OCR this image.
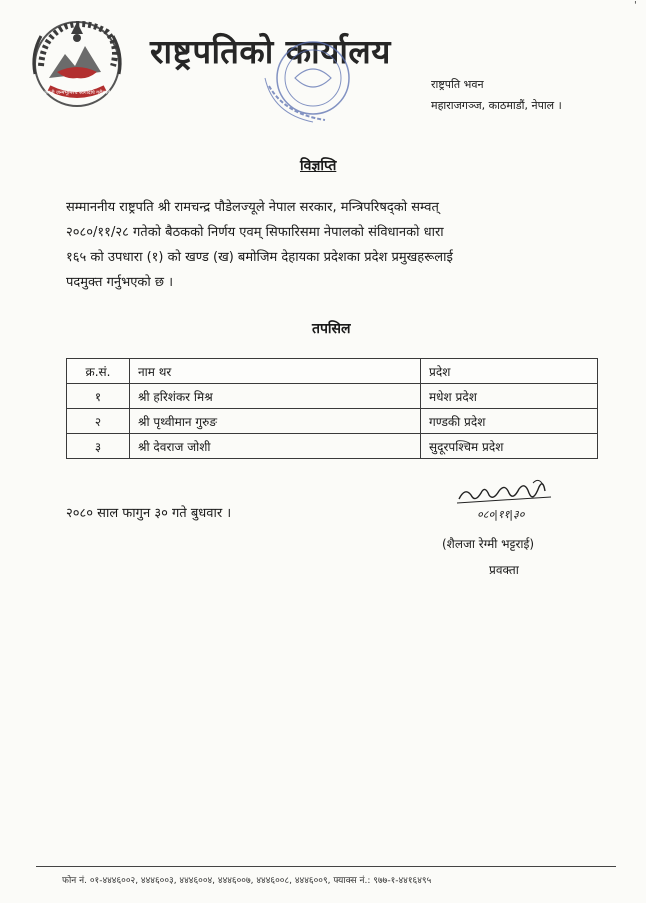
जननी जन्मभूमिश्च स्वर्गादपि गरीयसी
राष्ट्रपतिको कार्यालय
राष्ट्रपति भवन
महाराजगञ्ज, काठमाडौं, नेपाल ।
विज्ञप्ति
सम्माननीय राष्ट्रपति श्री रामचन्द्र पौडेलज्यूले नेपाल सरकार, मन्त्रिपरिषद्को सम्वत्
२०८०/११/२८ गतेको बैठकको निर्णय एवम् सिफारिसमा नेपालको संविधानको धारा
१६५ को उपधारा (१) को खण्ड (ख) बमोजिम देहायका प्रदेशका प्रदेश प्रमुखहरूलाई
पदमुक्त गर्नुभएको छ ।
तपसिल
क्र.सं.	नाम थर	प्रदेश
१	श्री हरिशंकर मिश्र	मधेश प्रदेश
२	श्री पृथ्वीमान गुरुङ	गण्डकी प्रदेश
३	श्री देवराज जोशी	सुदूरपश्चिम प्रदेश
२०८० साल फागुन ३० गते बुधवार ।	०८०|११|३०
(शैलजा रेग्मी भट्टराई)
प्रवक्ता
फोन नं. ०१-४४४६००२, ४४४६००३, ४४४६००४, ४४४६००७, ४४४६००८, ४४४६००९, फ्याक्स नं.: ९७७-१-४४१६४९५
'
